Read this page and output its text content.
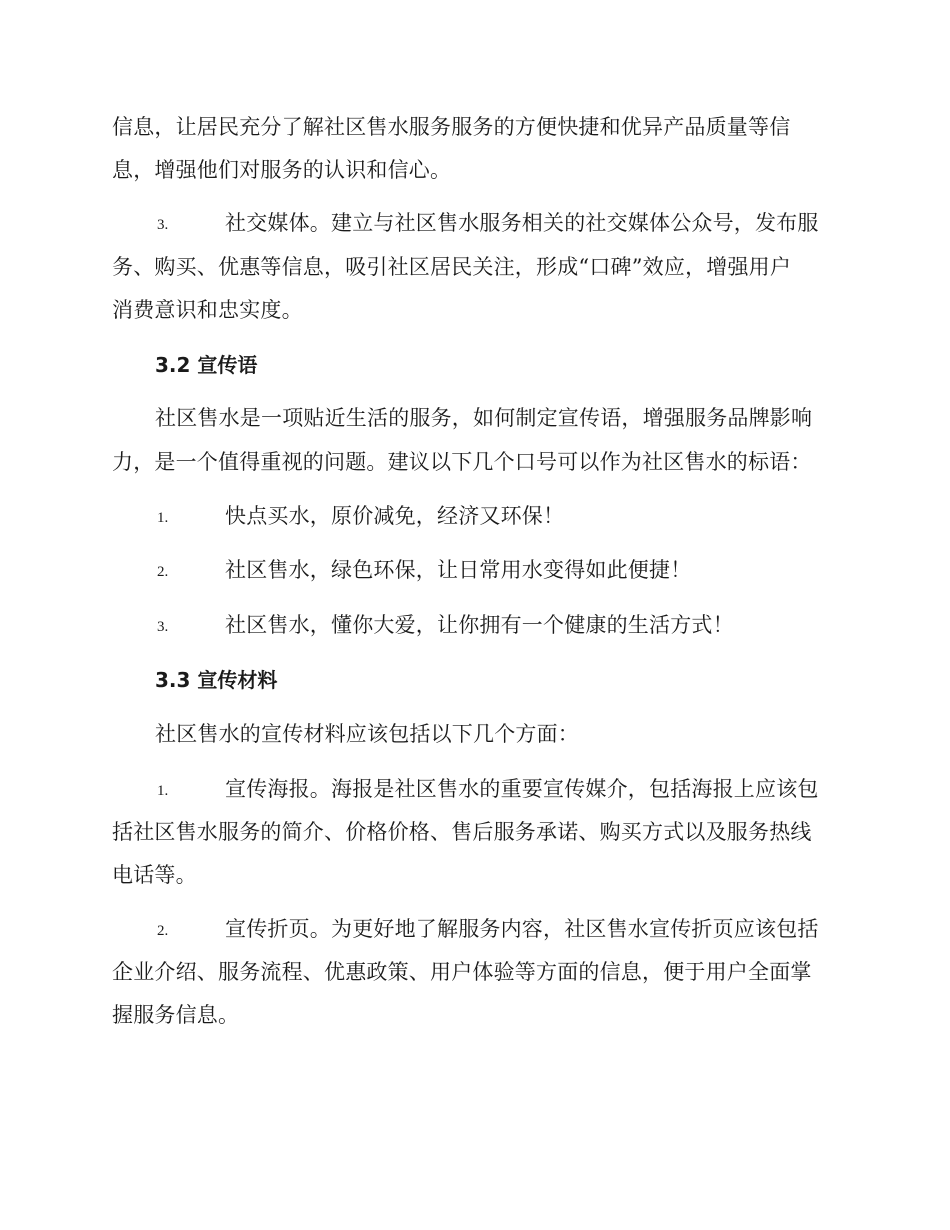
信息，让居民充分了解社区售水服务服务的方便快捷和优异产品质量等信
息，增强他们对服务的认识和信心。
3.	社交媒体。建立与社区售水服务相关的社交媒体公众号，发布服
务、购买、优惠等信息，吸引社区居民关注，形成“口碑”效应，增强用户
消费意识和忠实度。
3.2 宣传语
社区售水是一项贴近生活的服务，如何制定宣传语，增强服务品牌影响
力，是一个值得重视的问题。建议以下几个口号可以作为社区售水的标语：
1.	快点买水，原价减免，经济又环保！
2.	社区售水，绿色环保，让日常用水变得如此便捷！
3.	社区售水，懂你大爱，让你拥有一个健康的生活方式！
3.3 宣传材料
社区售水的宣传材料应该包括以下几个方面：
1.	宣传海报。海报是社区售水的重要宣传媒介，包括海报上应该包
括社区售水服务的简介、价格价格、售后服务承诺、购买方式以及服务热线
电话等。
2.	宣传折页。为更好地了解服务内容，社区售水宣传折页应该包括
企业介绍、服务流程、优惠政策、用户体验等方面的信息，便于用户全面掌
握服务信息。
